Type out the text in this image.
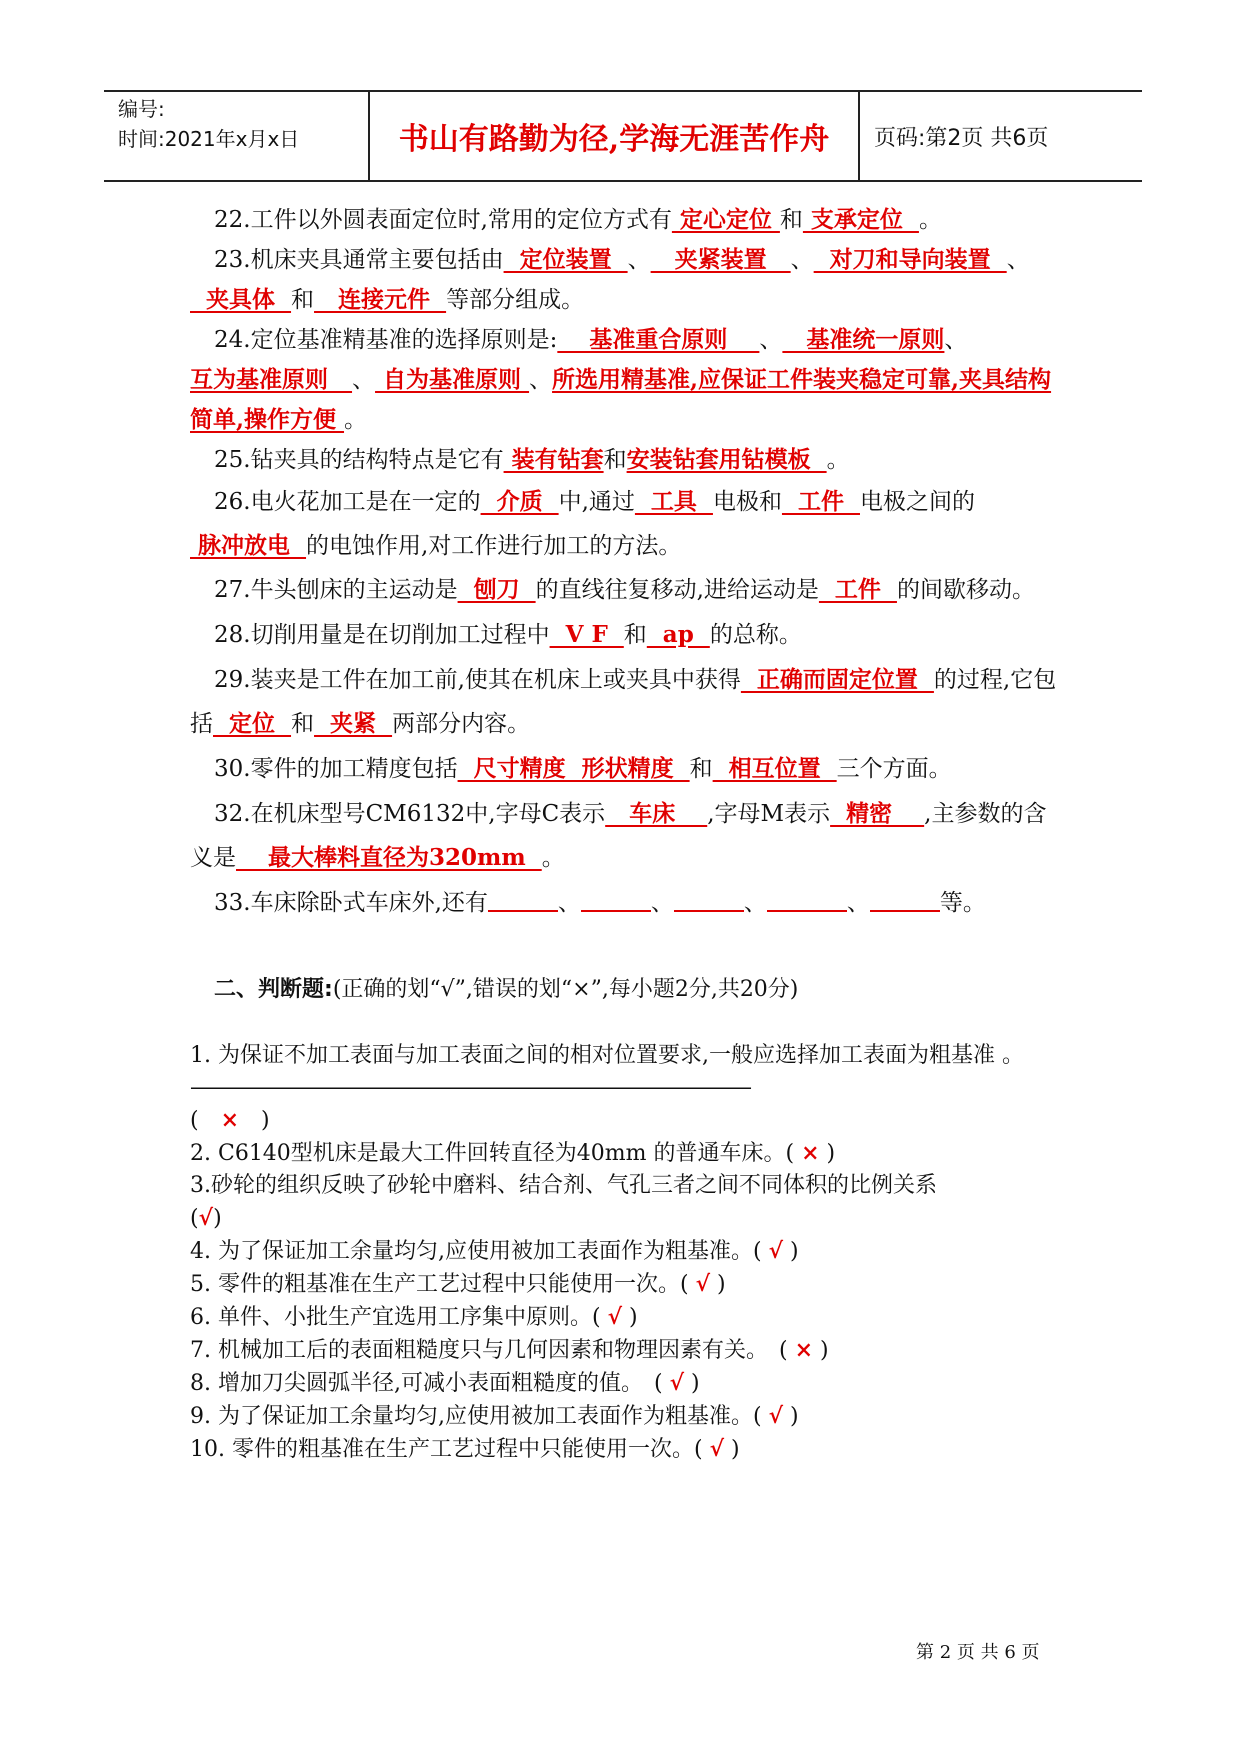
编号:
时间:2021年x月x日	书山有路勤为径,学海无涯苦作舟	页码:第2页 共6页

22.工件以外圆表面定位时,常用的定位方式有 定心定位 和 支承定位  。

23.机床夹具通常主要包括由  定位装置  、   夹紧装置   、  对刀和导向装置  、  夹具体  和   连接元件  等部分组成。

24.定位基准精基准的选择原则是:    基准重合原则    、   基准统一原则、互为基准原则   、 自为基准原则 、所选用精基准,应保证工件装夹稳定可靠,夹具结构简单,操作方便 。

25.钻夹具的结构特点是它有 装有钻套和安装钻套用钻模板  。

26.电火花加工是在一定的  介质  中,通过  工具  电极和  工件  电极之间的 脉冲放电  的电蚀作用,对工作进行加工的方法。

27.牛头刨床的主运动是  刨刀  的直线往复移动,进给运动是  工件  的间歇移动。

28.切削用量是在切削加工过程中  V F  和  ap  的总称。

29.装夹是工件在加工前,使其在机床上或夹具中获得  正确而固定位置  的过程,它包括  定位  和  夹紧  两部分内容。

30.零件的加工精度包括  尺寸精度  形状精度  和  相互位置  三个方面。

32.在机床型号CM6132中,字母C表示   车床    ,字母M表示  精密    ,主参数的含义是    最大棒料直径为320mm  。

33.车床除卧式车床外,还有	、	、	、	、	等。

二、判断题:(正确的划“√”,错误的划“×”,每小题2分,共20分)

1. 为保证不加工表面与加工表面之间的相对位置要求,一般应选择加工表面为粗基准 。 ————————————————————————————

(　×　)

2. C6140型机床是最大工件回转直径为40mm 的普通车床。( × )

3.砂轮的组织反映了砂轮中磨料、结合剂、气孔三者之间不同体积的比例关系

(√)

4. 为了保证加工余量均匀,应使用被加工表面作为粗基准。( √ )

5. 零件的粗基准在生产工艺过程中只能使用一次。( √ )

6. 单件、小批生产宜选用工序集中原则。( √ )

7. 机械加工后的表面粗糙度只与几何因素和物理因素有关。　( × )

8. 增加刀尖圆弧半径,可减小表面粗糙度的值。　( √ )

9. 为了保证加工余量均匀,应使用被加工表面作为粗基准。( √ )

10. 零件的粗基准在生产工艺过程中只能使用一次。( √ )

第 2 页 共 6 页
